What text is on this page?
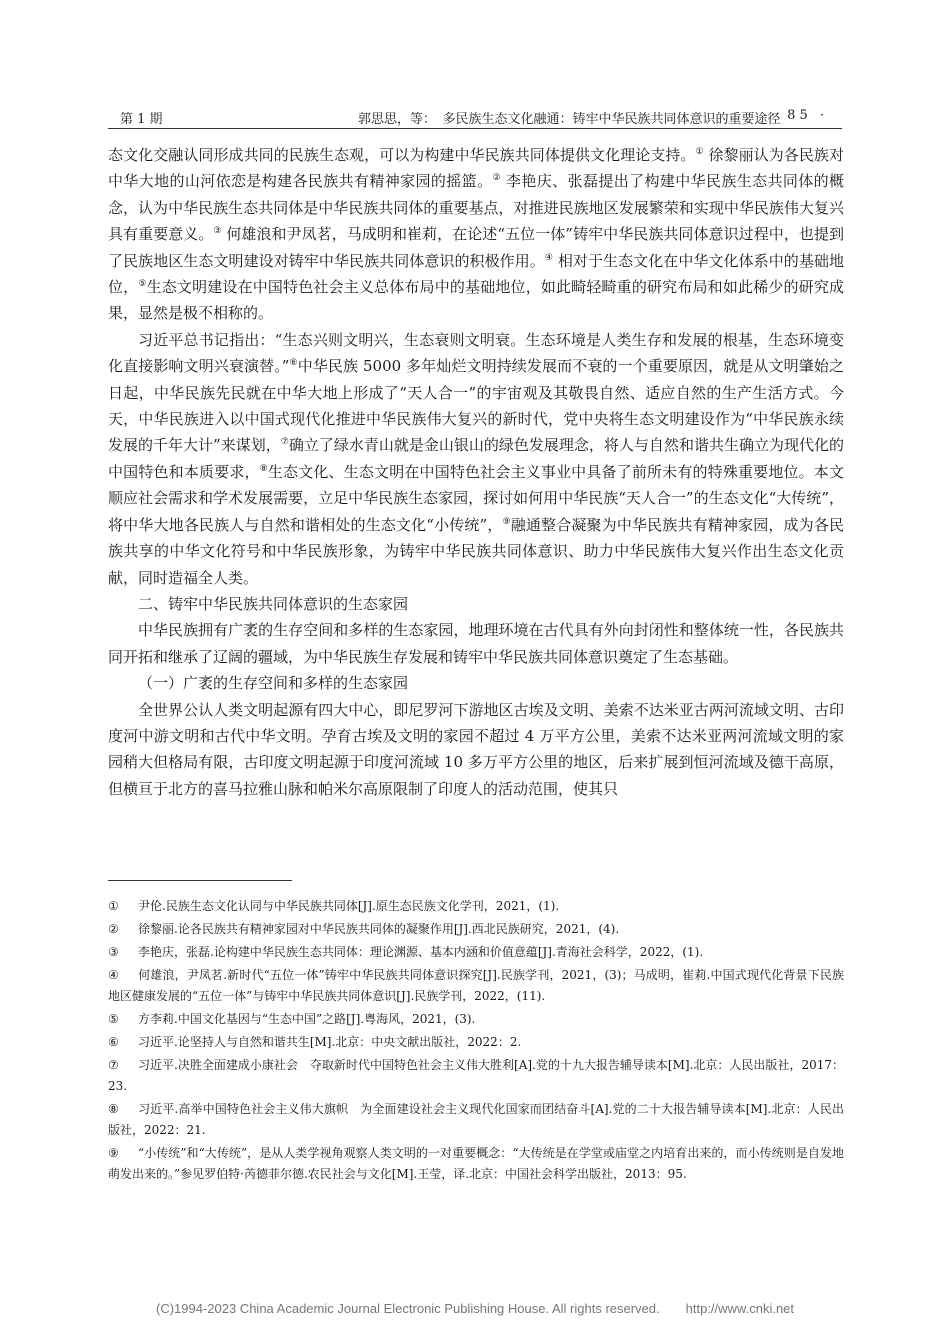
第 1 期	郭思思，等：　多民族生态文化融通：铸牢中华民族共同体意识的重要途径
· 85 ·

态文化交融认同形成共同的民族生态观，可以为构建中华民族共同体提供文化理论支持。① 徐黎丽认为各民族对中华大地的山河依恋是构建各民族共有精神家园的摇篮。② 李艳庆、张磊提出了构建中华民族生态共同体的概念，认为中华民族生态共同体是中华民族共同体的重要基点，对推进民族地区发展繁荣和实现中华民族伟大复兴具有重要意义。③ 何雄浪和尹凤茗，马成明和崔莉，在论述“五位一体”铸牢中华民族共同体意识过程中，也提到了民族地区生态文明建设对铸牢中华民族共同体意识的积极作用。④ 相对于生态文化在中华文化体系中的基础地位，⑤生态文明建设在中国特色社会主义总体布局中的基础地位，如此畸轻畸重的研究布局和如此稀少的研究成果，显然是极不相称的。

习近平总书记指出：“生态兴则文明兴，生态衰则文明衰。生态环境是人类生存和发展的根基，生态环境变化直接影响文明兴衰演替。”⑥中华民族 5000 多年灿烂文明持续发展而不衰的一个重要原因，就是从文明肇始之日起，中华民族先民就在中华大地上形成了“天人合一”的宇宙观及其敬畏自然、适应自然的生产生活方式。今天，中华民族进入以中国式现代化推进中华民族伟大复兴的新时代，党中央将生态文明建设作为“中华民族永续发展的千年大计”来谋划，⑦确立了绿水青山就是金山银山的绿色发展理念，将人与自然和谐共生确立为现代化的中国特色和本质要求，⑧生态文化、生态文明在中国特色社会主义事业中具备了前所未有的特殊重要地位。本文顺应社会需求和学术发展需要，立足中华民族生态家园，探讨如何用中华民族“天人合一”的生态文化“大传统”，将中华大地各民族人与自然和谐相处的生态文化“小传统”，⑨融通整合凝聚为中华民族共有精神家园，成为各民族共享的中华文化符号和中华民族形象，为铸牢中华民族共同体意识、助力中华民族伟大复兴作出生态文化贡献，同时造福全人类。

二、铸牢中华民族共同体意识的生态家园

中华民族拥有广袤的生存空间和多样的生态家园，地理环境在古代具有外向封闭性和整体统一性，各民族共同开拓和继承了辽阔的疆域，为中华民族生存发展和铸牢中华民族共同体意识奠定了生态基础。

（一）广袤的生存空间和多样的生态家园

全世界公认人类文明起源有四大中心，即尼罗河下游地区古埃及文明、美索不达米亚古两河流域文明、古印度河中游文明和古代中华文明。孕育古埃及文明的家园不超过 4 万平方公里，美索不达米亚两河流域文明的家园稍大但格局有限，古印度文明起源于印度河流域 10 多万平方公里的地区，后来扩展到恒河流域及德干高原，但横亘于北方的喜马拉雅山脉和帕米尔高原限制了印度人的活动范围，使其只

① 尹伦.民族生态文化认同与中华民族共同体[J].原生态民族文化学刊，2021，(1).
② 徐黎丽.论各民族共有精神家园对中华民族共同体的凝聚作用[J].西北民族研究，2021，(4).
③ 李艳庆，张磊.论构建中华民族生态共同体：理论渊源、基本内涵和价值意蕴[J].青海社会科学，2022，(1).
④ 何雄浪，尹凤茗.新时代“五位一体”铸牢中华民族共同体意识探究[J].民族学刊，2021，(3)；马成明，崔莉.中国式现代化背景下民族地区健康发展的“五位一体”与铸牢中华民族共同体意识[J].民族学刊，2022，(11).
⑤ 方李莉.中国文化基因与“生态中国”之路[J].粤海风，2021，(3).
⑥ 习近平.论坚持人与自然和谐共生[M].北京：中央文献出版社，2022：2.
⑦ 习近平.决胜全面建成小康社会　夺取新时代中国特色社会主义伟大胜利[A].党的十九大报告辅导读本[M].北京：人民出版社，2017：23.
⑧ 习近平.高举中国特色社会主义伟大旗帜　为全面建设社会主义现代化国家而团结奋斗[A].党的二十大报告辅导读本[M].北京：人民出版社，2022：21.
⑨ “小传统”和“大传统”，是从人类学视角观察人类文明的一对重要概念：“大传统是在学堂或庙堂之内培育出来的，而小传统则是自发地萌发出来的。”参见罗伯特·芮德菲尔德.农民社会与文化[M].王莹，译.北京：中国社会科学出版社，2013：95.
(C)1994-2023 China Academic Journal Electronic Publishing House. All rights reserved.　　http://www.cnki.net
